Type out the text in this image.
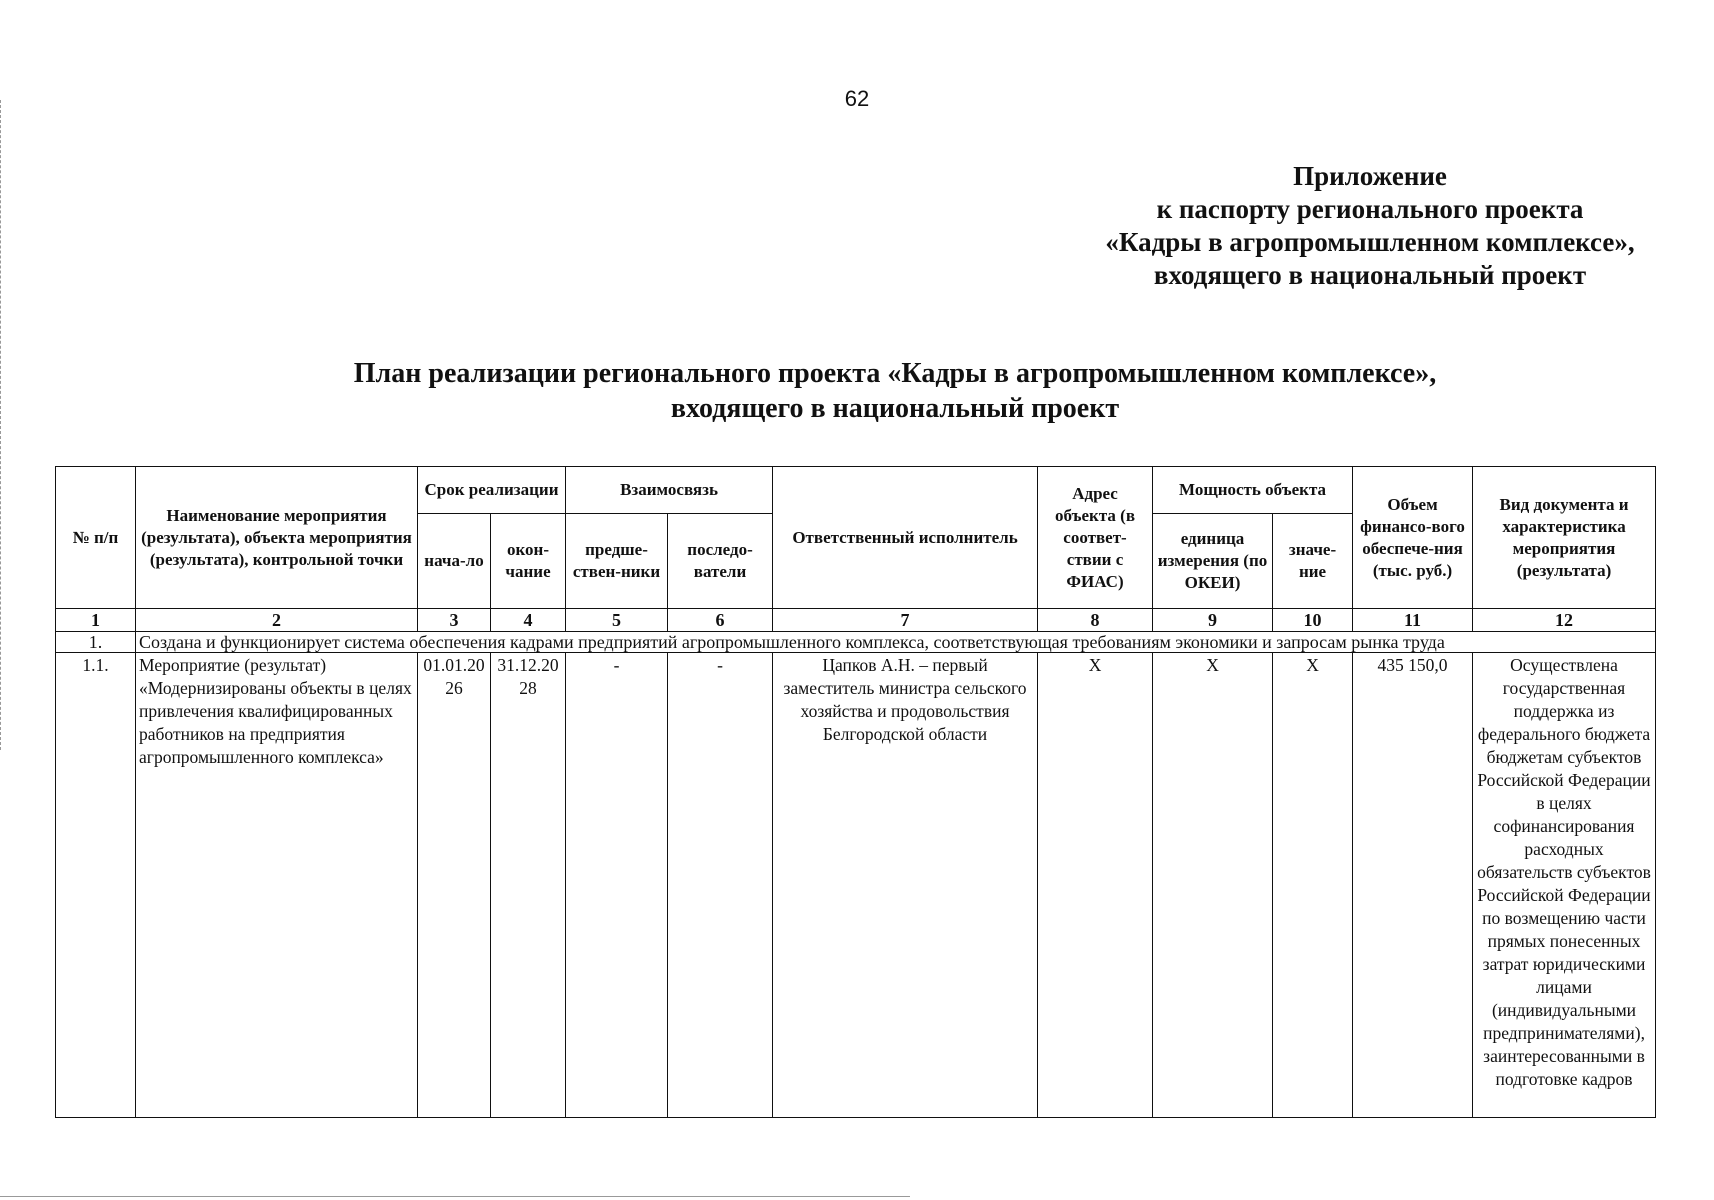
62
Приложение
к паспорту регионального проекта
«Кадры в агропромышленном комплексе»,
входящего в национальный проект
План реализации регионального проекта «Кадры в агропромышленном комплексе»,
входящего в национальный проект
№ п/п	Наименование мероприятия (результата), объекта мероприятия (результата), контрольной точки	Срок реализации		Взаимосвязь		Ответственный исполнитель	Адрес объекта (в соответ-ствии с ФИАС)	Мощность объекта		Объем финансо-вого обеспече-ния (тыс. руб.)	Вид документа и характеристика мероприятия (результата)
		нача-ло	окон-чание	предше-ствен-ники	последо-ватели			единица измерения (по ОКЕИ)	значе-ние		
1	2	3	4	5	6	7	8	9	10	11	12
1.	Создана и функционирует система обеспечения кадрами предприятий агропромышленного комплекса, соответствующая требованиям экономики и запросам рынка труда										
1.1.	Мероприятие (результат) «Модернизированы объекты в целях привлечения квалифицированных работников на предприятия агропромышленного комплекса»	01.01.2026	31.12.2028	-	-	Цапков А.Н. – первый заместитель министра сельского хозяйства и продовольствия Белгородской области	Х	Х	Х	435 150,0	Осуществлена государственная поддержка из федерального бюджета бюджетам субъектов Российской Федерации в целях софинансирования расходных обязательств субъектов Российской Федерации по возмещению части прямых понесенных затрат юридическими лицами (индивидуальными предпринимателями), заинтересованными в подготовке кадров
